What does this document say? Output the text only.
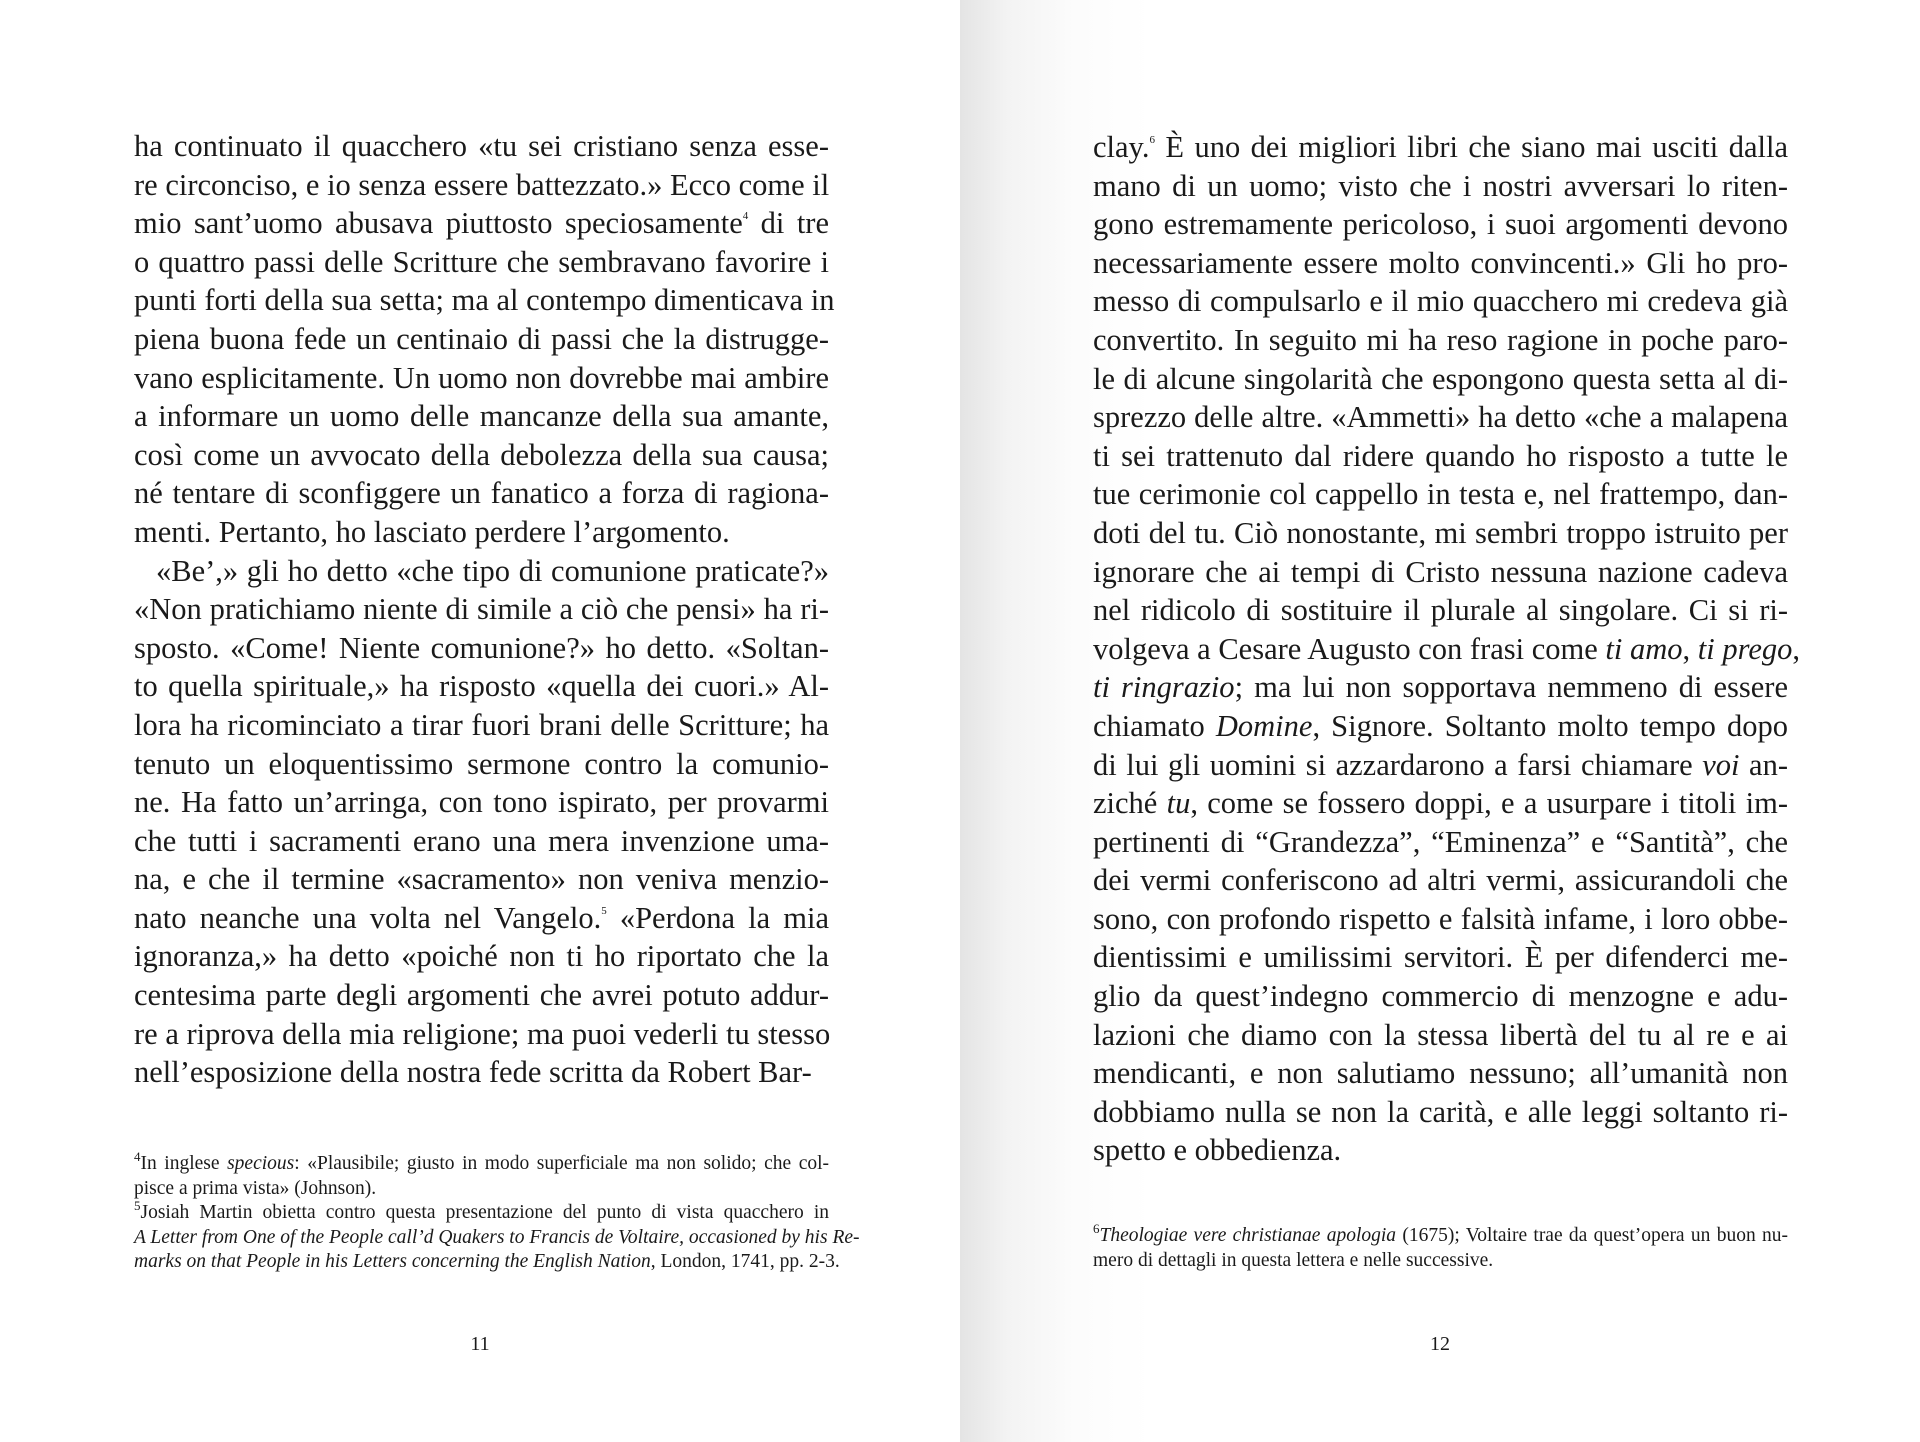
ha continuato il quacchero «tu sei cristiano senza esse-
re circonciso, e io senza essere battezzato.» Ecco come il
mio sant’uomo abusava piuttosto speciosamente$^4$ di tre
o quattro passi delle Scritture che sembravano favorire i
punti forti della sua setta; ma al contempo dimenticava in
piena buona fede un centinaio di passi che la distrugge-
vano esplicitamente. Un uomo non dovrebbe mai ambire
a informare un uomo delle mancanze della sua amante,
così come un avvocato della debolezza della sua causa;
né tentare di sconfiggere un fanatico a forza di ragiona-
menti. Pertanto, ho lasciato perdere l’argomento.
«Be’,» gli ho detto «che tipo di comunione praticate?»
«Non pratichiamo niente di simile a ciò che pensi» ha ri-
sposto. «Come! Niente comunione?» ho detto. «Soltan-
to quella spirituale,» ha risposto «quella dei cuori.» Al-
lora ha ricominciato a tirar fuori brani delle Scritture; ha
tenuto un eloquentissimo sermone contro la comunio-
ne. Ha fatto un’arringa, con tono ispirato, per provarmi
che tutti i sacramenti erano una mera invenzione uma-
na, e che il termine «sacramento» non veniva menzio-
nato neanche una volta nel Vangelo.$^5$ «Perdona la mia
ignoranza,» ha detto «poiché non ti ho riportato che la
centesima parte degli argomenti che avrei potuto addur-
re a riprova della mia religione; ma puoi vederli tu stesso
nell’esposizione della nostra fede scritta da Robert Bar-
$^4$In inglese specious: «Plausibile; giusto in modo superficiale ma non solido; che col-
pisce a prima vista» (Johnson).
$^5$Josiah Martin obietta contro questa presentazione del punto di vista quacchero in
A Letter from One of the People call’d Quakers to Francis de Voltaire, occasioned by his Re-
marks on that People in his Letters concerning the English Nation, London, 1741, pp. 2-3.
11
clay.$^6$ È uno dei migliori libri che siano mai usciti dalla
mano di un uomo; visto che i nostri avversari lo riten-
gono estremamente pericoloso, i suoi argomenti devono
necessariamente essere molto convincenti.» Gli ho pro-
messo di compulsarlo e il mio quacchero mi credeva già
convertito. In seguito mi ha reso ragione in poche paro-
le di alcune singolarità che espongono questa setta al di-
sprezzo delle altre. «Ammetti» ha detto «che a malapena
ti sei trattenuto dal ridere quando ho risposto a tutte le
tue cerimonie col cappello in testa e, nel frattempo, dan-
doti del tu. Ciò nonostante, mi sembri troppo istruito per
ignorare che ai tempi di Cristo nessuna nazione cadeva
nel ridicolo di sostituire il plurale al singolare. Ci si ri-
volgeva a Cesare Augusto con frasi come ti amo, ti prego,
ti ringrazio; ma lui non sopportava nemmeno di essere
chiamato Domine, Signore. Soltanto molto tempo dopo
di lui gli uomini si azzardarono a farsi chiamare voi an-
ziché tu, come se fossero doppi, e a usurpare i titoli im-
pertinenti di “Grandezza”, “Eminenza” e “Santità”, che
dei vermi conferiscono ad altri vermi, assicurandoli che
sono, con profondo rispetto e falsità infame, i loro obbe-
dientissimi e umilissimi servitori. È per difenderci me-
glio da quest’indegno commercio di menzogne e adu-
lazioni che diamo con la stessa libertà del tu al re e ai
mendicanti, e non salutiamo nessuno; all’umanità non
dobbiamo nulla se non la carità, e alle leggi soltanto ri-
spetto e obbedienza.
$^6$Theologiae vere christianae apologia (1675); Voltaire trae da quest’opera un buon nu-
mero di dettagli in questa lettera e nelle successive.
12
